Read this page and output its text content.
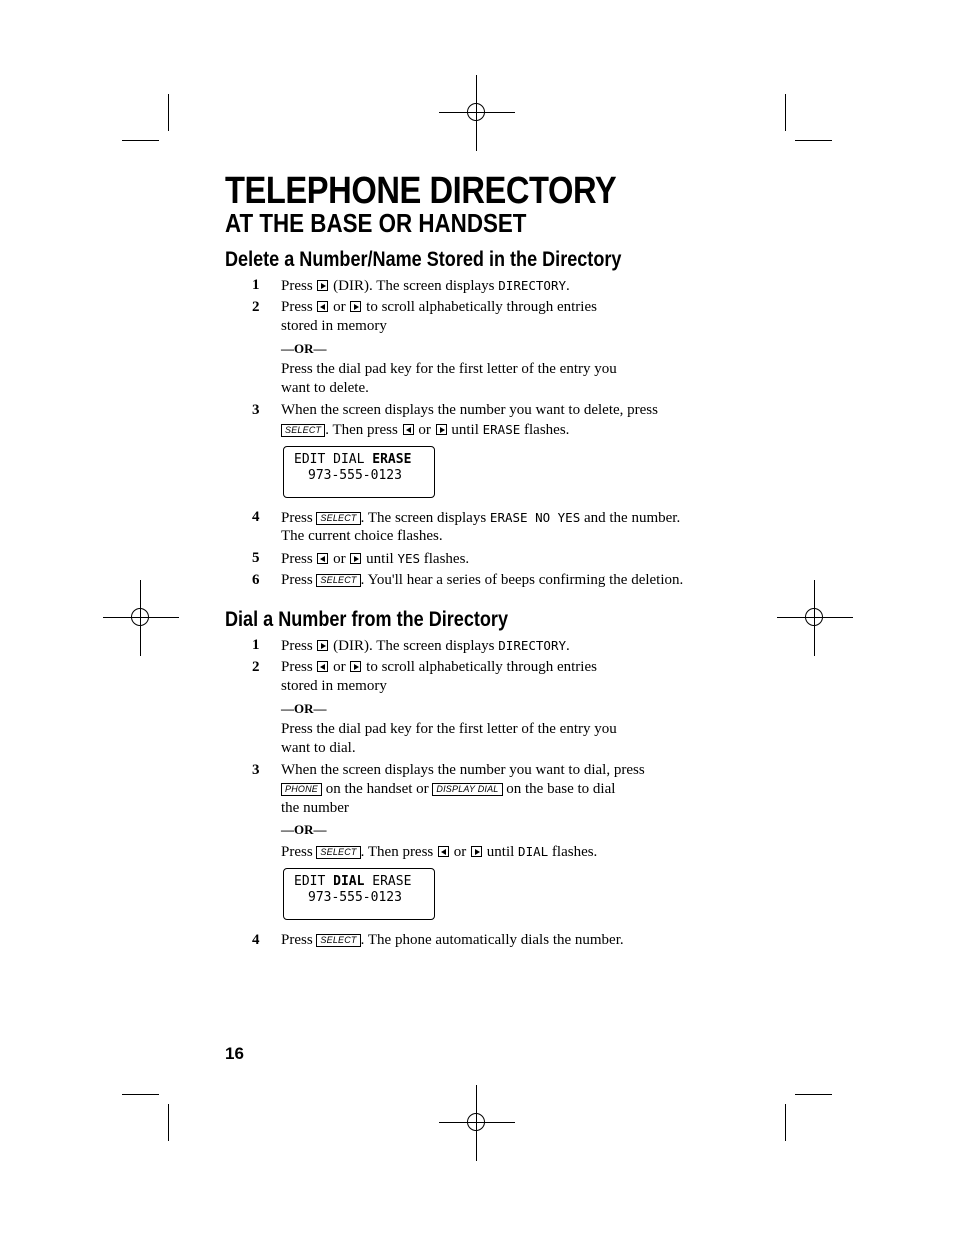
TELEPHONE DIRECTORY
AT THE BASE OR HANDSET
Delete a Number/Name Stored in the Directory
1 Press  (DIR). The screen displays DIRECTORY.
2 Press  or  to scroll alphabetically through entries
stored in memory
—OR—
Press the dial pad key for the first letter of the entry you
want to delete.
3 When the screen displays the number you want to delete, press
SELECT . Then press  or  until ERASE flashes.
EDIT DIAL ERASE
973-555-0123
4 Press SELECT . The screen displays ERASE NO YES and the number.
The current choice flashes.
5 Press  or  until YES flashes.
6 Press SELECT . You'll hear a series of beeps confirming the deletion.
Dial a Number from the Directory
1 Press  (DIR). The screen displays DIRECTORY.
2 Press  or  to scroll alphabetically through entries
stored in memory
—OR—
Press the dial pad key for the first letter of the entry you
want to dial.
3 When the screen displays the number you want to dial, press
PHONE on the handset or DISPLAY DIAL on the base to dial
the number
—OR—
Press SELECT . Then press  or  until DIAL flashes.
EDIT DIAL ERASE
973-555-0123
4 Press SELECT . The phone automatically dials the number.
16
